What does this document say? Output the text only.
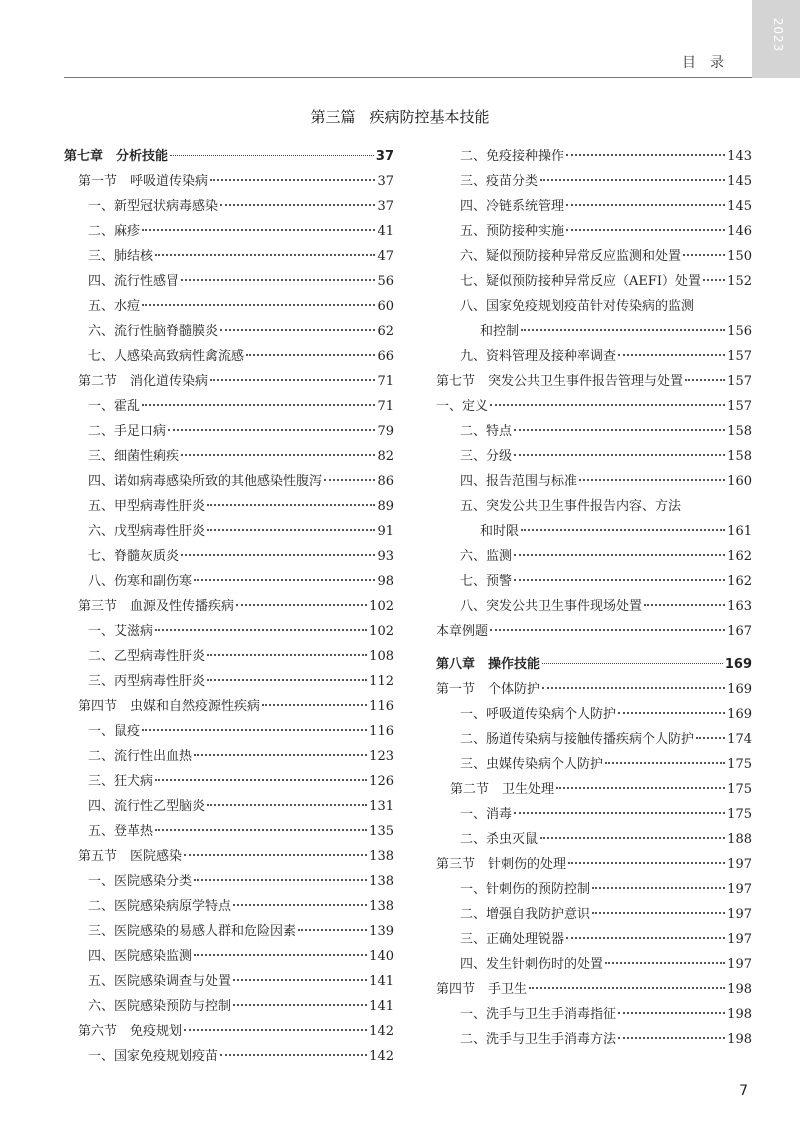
2023
目录
第三篇 疾病防控基本技能
第七章　分析技能	37
第一节　呼吸道传染病	37
一、新型冠状病毒感染	37
二、麻疹	41
三、肺结核	47
四、流行性感冒	56
五、水痘	60
六、流行性脑脊髓膜炎	62
七、人感染高致病性禽流感	66
第二节　消化道传染病	71
一、霍乱	71
二、手足口病	79
三、细菌性痢疾	82
四、诺如病毒感染所致的其他感染性腹泻	86
五、甲型病毒性肝炎	89
六、戊型病毒性肝炎	91
七、脊髓灰质炎	93
八、伤寒和副伤寒	98
第三节　血源及性传播疾病	102
一、艾滋病	102
二、乙型病毒性肝炎	108
三、丙型病毒性肝炎	112
第四节　虫媒和自然疫源性疾病	116
一、鼠疫	116
二、流行性出血热	123
三、狂犬病	126
四、流行性乙型脑炎	131
五、登革热	135
第五节　医院感染	138
一、医院感染分类	138
二、医院感染病原学特点	138
三、医院感染的易感人群和危险因素	139
四、医院感染监测	140
五、医院感染调查与处置	141
六、医院感染预防与控制	141
第六节　免疫规划	142
一、国家免疫规划疫苗	142
二、免疫接种操作	143
三、疫苗分类	145
四、冷链系统管理	145
五、预防接种实施	146
六、疑似预防接种异常反应监测和处置	150
七、疑似预防接种异常反应（AEFI）处置 152
八、国家免疫规划疫苗针对传染病的监测
和控制	156
九、资料管理及接种率调查	157
第七节　突发公共卫生事件报告管理与处置	157
一、定义	157
二、特点	158
三、分级	158
四、报告范围与标准	160
五、突发公共卫生事件报告内容、方法
和时限	161
六、监测	162
七、预警	162
八、突发公共卫生事件现场处置	163
本章例题	167
第八章　操作技能	169
第一节　个体防护	169
一、呼吸道传染病个人防护	169
二、肠道传染病与接触传播疾病个人防护	174
三、虫媒传染病个人防护	175
第二节　卫生处理	175
一、消毒	175
二、杀虫灭鼠	188
第三节　针刺伤的处理	197
一、针刺伤的预防控制	197
二、增强自我防护意识	197
三、正确处理锐器	197
四、发生针刺伤时的处置	197
第四节　手卫生	198
一、洗手与卫生手消毒指征	198
二、洗手与卫生手消毒方法	198
7
